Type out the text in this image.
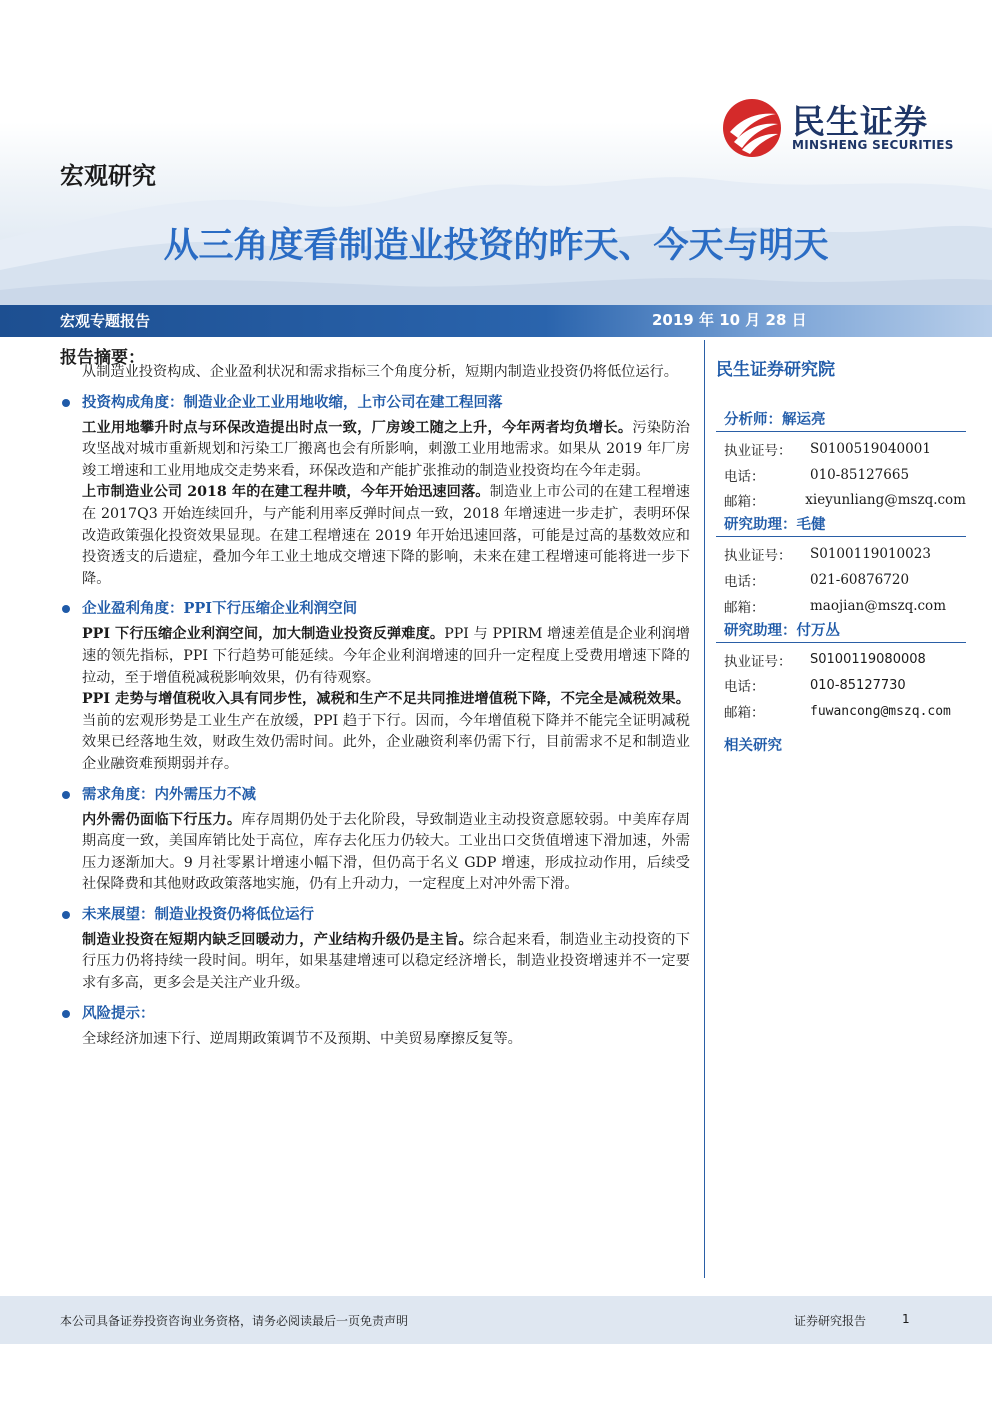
宏观研究
民生证券
MINSHENG SECURITIES
从三角度看制造业投资的昨天、今天与明天
宏观专题报告	2019 年 10 月 28 日
报告摘要：

从制造业投资构成、企业盈利状况和需求指标三个角度分析，短期内制造业投资仍将低位运行。

投资构成角度：制造业企业工业用地收缩，上市公司在建工程回落

工业用地攀升时点与环保改造提出时点一致，厂房竣工随之上升，今年两者均负增长。污染防治攻坚战对城市重新规划和污染工厂搬离也会有所影响，刺激工业用地需求。如果从 2019 年厂房竣工增速和工业用地成交走势来看，环保改造和产能扩张推动的制造业投资均在今年走弱。

上市制造业公司 2018 年的在建工程井喷，今年开始迅速回落。制造业上市公司的在建工程增速在 2017Q3 开始连续回升，与产能利用率反弹时间点一致，2018 年增速进一步走扩，表明环保改造政策强化投资效果显现。在建工程增速在 2019 年开始迅速回落，可能是过高的基数效应和投资透支的后遗症，叠加今年工业土地成交增速下降的影响，未来在建工程增速可能将进一步下降。

企业盈利角度：PPI下行压缩企业利润空间

PPI 下行压缩企业利润空间，加大制造业投资反弹难度。PPI 与 PPIRM 增速差值是企业利润增速的领先指标，PPI 下行趋势可能延续。今年企业利润增速的回升一定程度上受费用增速下降的拉动，至于增值税减税影响效果，仍有待观察。

PPI 走势与增值税收入具有同步性，减税和生产不足共同推进增值税下降，不完全是减税效果。当前的宏观形势是工业生产在放缓，PPI 趋于下行。因而，今年增值税下降并不能完全证明减税效果已经落地生效，财政生效仍需时间。此外，企业融资利率仍需下行，目前需求不足和制造业企业融资难预期弱并存。

需求角度：内外需压力不减

内外需仍面临下行压力。库存周期仍处于去化阶段，导致制造业主动投资意愿较弱。中美库存周期高度一致，美国库销比处于高位，库存去化压力仍较大。工业出口交货值增速下滑加速，外需压力逐渐加大。9 月社零累计增速小幅下滑，但仍高于名义 GDP 增速，形成拉动作用，后续受社保降费和其他财政政策落地实施，仍有上升动力，一定程度上对冲外需下滑。

未来展望：制造业投资仍将低位运行

制造业投资在短期内缺乏回暖动力，产业结构升级仍是主旨。综合起来看，制造业主动投资的下行压力仍将持续一段时间。明年，如果基建增速可以稳定经济增长，制造业投资增速并不一定要求有多高，更多会是关注产业升级。

风险提示：

全球经济加速下行、逆周期政策调节不及预期、中美贸易摩擦反复等。

民生证券研究院
分析师：解运亮
执业证号：	S0100519040001
电话：	010-85127665
邮箱：	xieyunliang@mszq.com
研究助理：毛健
执业证号：	S0100119010023
电话：	021-60876720
邮箱：	maojian@mszq.com
研究助理：付万丛
执业证号：	S0100119080008
电话：	010-85127730
邮箱：	fuwancong@mszq.com
相关研究
本公司具备证券投资咨询业务资格，请务必阅读最后一页免责声明	证券研究报告	1
